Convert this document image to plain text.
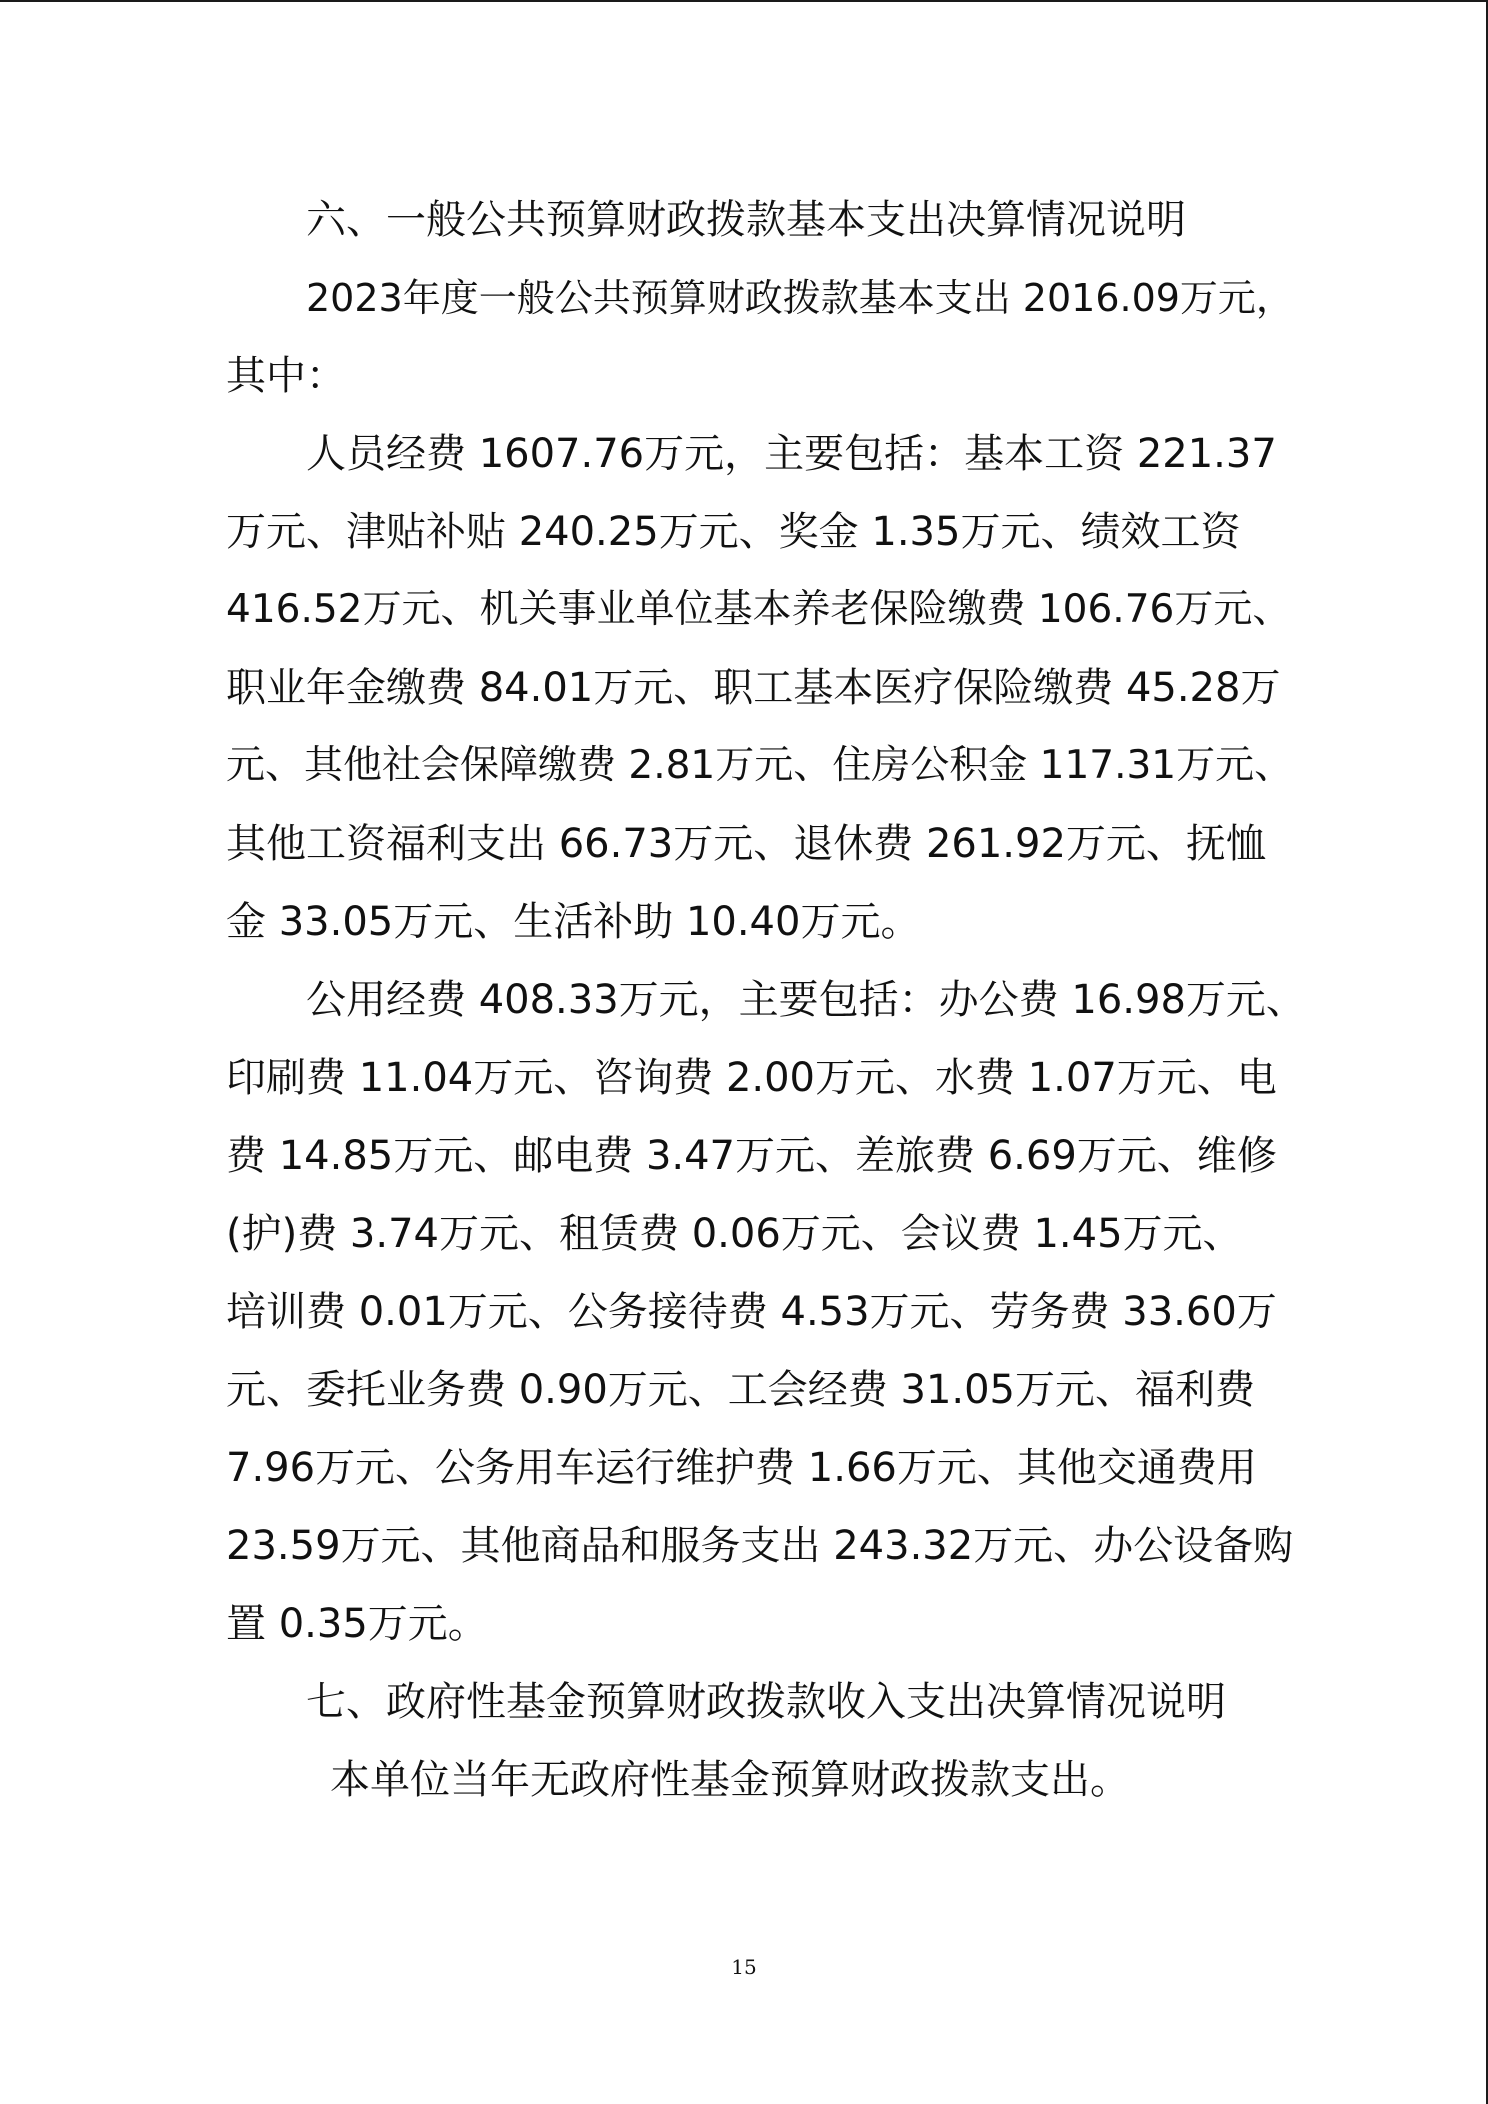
六、一般公共预算财政拨款基本支出决算情况说明
2023年度一般公共预算财政拨款基本支出 2016.09万元，
其中：
人员经费 1607.76万元，主要包括：基本工资 221.37
万元、津贴补贴 240.25万元、奖金 1.35万元、绩效工资
416.52万元、机关事业单位基本养老保险缴费 106.76万元、
职业年金缴费 84.01万元、职工基本医疗保险缴费 45.28万
元、其他社会保障缴费 2.81万元、住房公积金 117.31万元、
其他工资福利支出 66.73万元、退休费 261.92万元、抚恤
金 33.05万元、生活补助 10.40万元。
公用经费 408.33万元，主要包括：办公费 16.98万元、
印刷费 11.04万元、咨询费 2.00万元、水费 1.07万元、电
费 14.85万元、邮电费 3.47万元、差旅费 6.69万元、维修
(护)费 3.74万元、租赁费 0.06万元、会议费 1.45万元、
培训费 0.01万元、公务接待费 4.53万元、劳务费 33.60万
元、委托业务费 0.90万元、工会经费 31.05万元、福利费
7.96万元、公务用车运行维护费 1.66万元、其他交通费用
23.59万元、其他商品和服务支出 243.32万元、办公设备购
置 0.35万元。
七、政府性基金预算财政拨款收入支出决算情况说明
本单位当年无政府性基金预算财政拨款支出。
15
